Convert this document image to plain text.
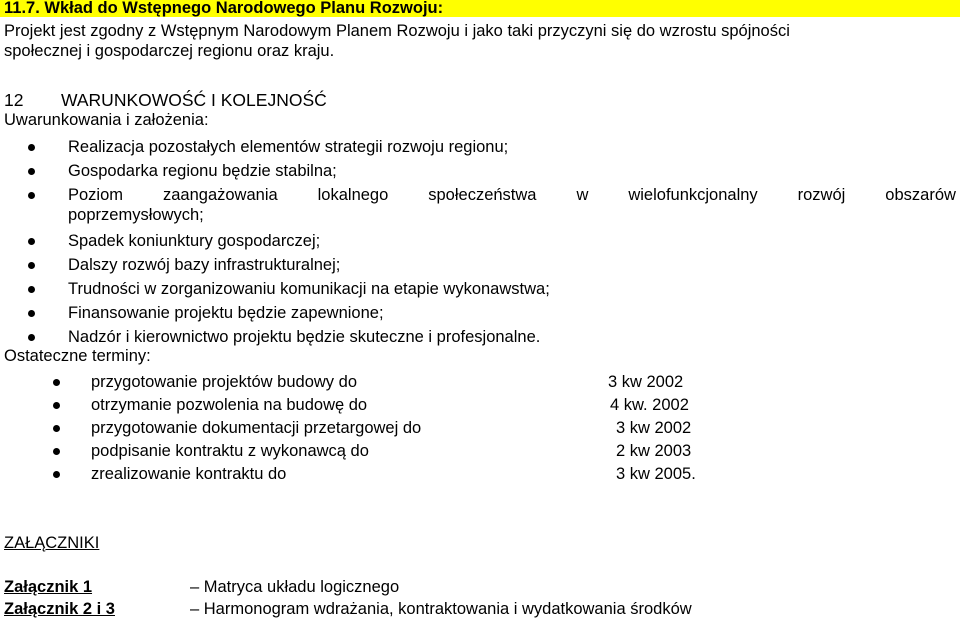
11.7. Wkład do Wstępnego Narodowego Planu Rozwoju:
Projekt jest zgodny z Wstępnym Narodowym Planem Rozwoju i jako taki przyczyni się do wzrostu spójności
społecznej i gospodarczej regionu oraz kraju.
12 WARUNKOWOŚĆ I KOLEJNOŚĆ
Uwarunkowania i założenia:
Realizacja pozostałych elementów strategii rozwoju regionu;
Gospodarka regionu będzie stabilna;
Poziom zaangażowania lokalnego społeczeństwa w wielofunkcjonalny rozwój obszarów
poprzemysłowych;
Spadek koniunktury gospodarczej;
Dalszy rozwój bazy infrastrukturalnej;
Trudności w zorganizowaniu komunikacji na etapie wykonawstwa;
Finansowanie projektu będzie zapewnione;
Nadzór i kierownictwo projektu będzie skuteczne i profesjonalne.
Ostateczne terminy:
przygotowanie projektów budowy do	3 kw 2002
otrzymanie pozwolenia na budowę do	4 kw. 2002
przygotowanie dokumentacji przetargowej do	3 kw 2002
podpisanie kontraktu z wykonawcą do	2 kw 2003
zrealizowanie kontraktu do	3 kw 2005.
ZAŁĄCZNIKI
Załącznik 1	– Matryca układu logicznego
Załącznik 2 i 3	– Harmonogram wdrażania, kontraktowania i wydatkowania środków
